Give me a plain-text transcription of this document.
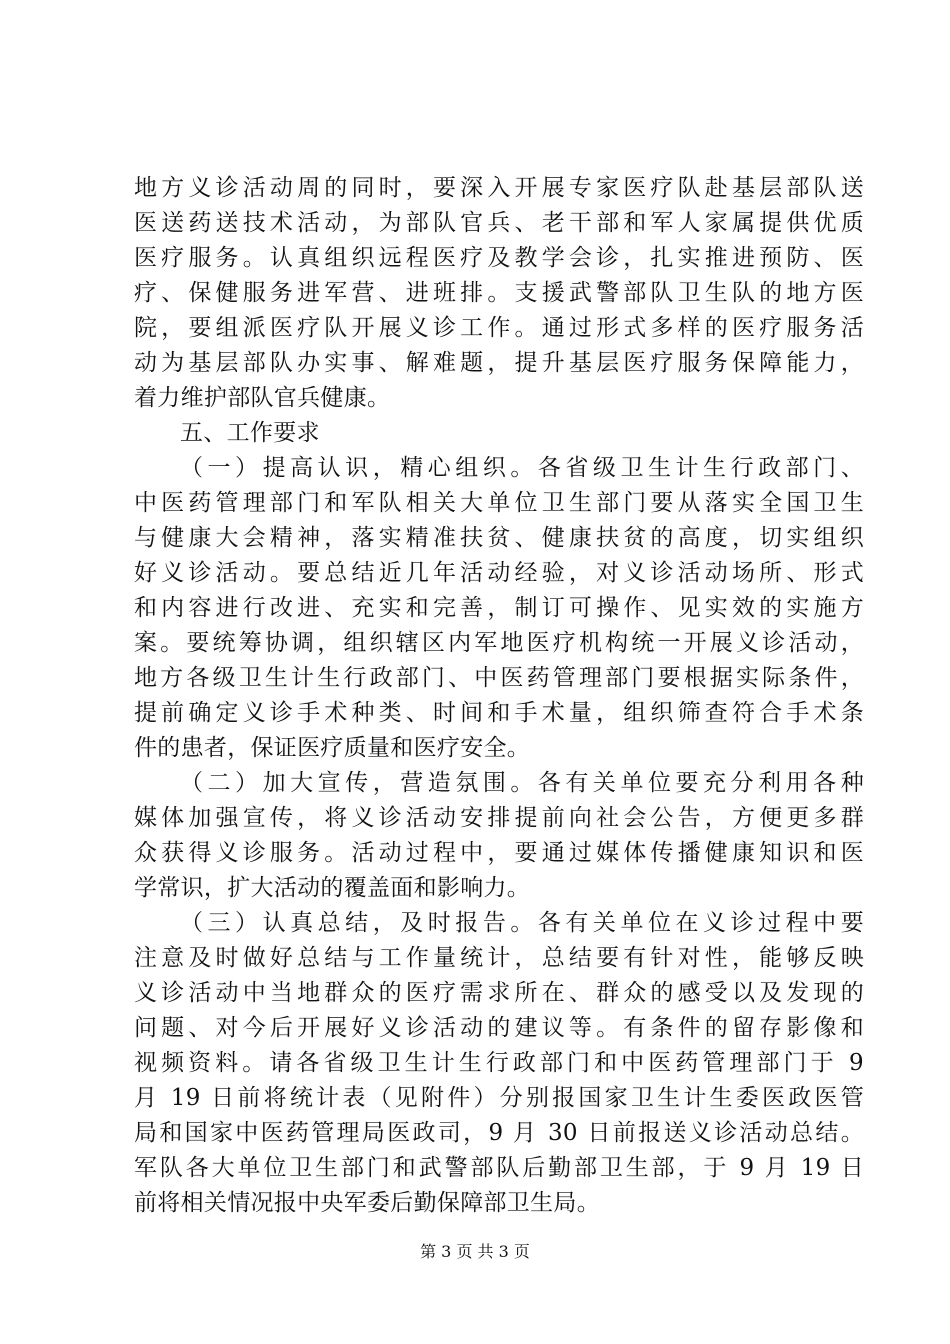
地方义诊活动周的同时，要深入开展专家医疗队赴基层部队送
医送药送技术活动，为部队官兵、老干部和军人家属提供优质
医疗服务。认真组织远程医疗及教学会诊，扎实推进预防、医
疗、保健服务进军营、进班排。支援武警部队卫生队的地方医
院，要组派医疗队开展义诊工作。通过形式多样的医疗服务活
动为基层部队办实事、解难题，提升基层医疗服务保障能力，
着力维护部队官兵健康。
五、工作要求
（一）提高认识，精心组织。各省级卫生计生行政部门、
中医药管理部门和军队相关大单位卫生部门要从落实全国卫生
与健康大会精神，落实精准扶贫、健康扶贫的高度，切实组织
好义诊活动。要总结近几年活动经验，对义诊活动场所、形式
和内容进行改进、充实和完善，制订可操作、见实效的实施方
案。要统筹协调，组织辖区内军地医疗机构统一开展义诊活动，
地方各级卫生计生行政部门、中医药管理部门要根据实际条件，
提前确定义诊手术种类、时间和手术量，组织筛查符合手术条
件的患者，保证医疗质量和医疗安全。
（二）加大宣传，营造氛围。各有关单位要充分利用各种
媒体加强宣传，将义诊活动安排提前向社会公告，方便更多群
众获得义诊服务。活动过程中，要通过媒体传播健康知识和医
学常识，扩大活动的覆盖面和影响力。
（三）认真总结，及时报告。各有关单位在义诊过程中要
注意及时做好总结与工作量统计，总结要有针对性，能够反映
义诊活动中当地群众的医疗需求所在、群众的感受以及发现的
问题、对今后开展好义诊活动的建议等。有条件的留存影像和
视频资料。请各省级卫生计生行政部门和中医药管理部门于 9
月 19 日前将统计表（见附件）分别报国家卫生计生委医政医管
局和国家中医药管理局医政司，9 月 30 日前报送义诊活动总结。
军队各大单位卫生部门和武警部队后勤部卫生部，于 9 月 19 日
前将相关情况报中央军委后勤保障部卫生局。
第 3 页 共 3 页
